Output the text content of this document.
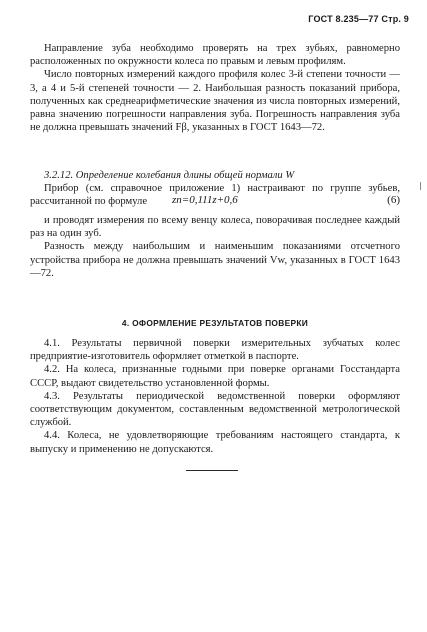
ГОСТ 8.235—77 Стр. 9

Направление зуба необходимо проверять на трех зубьях, равномерно расположенных по окружности колеса по правым и левым профилям.

Число повторных измерений каждого профиля колес 3-й степени точности — 3, а 4 и 5-й степеней точности — 2. Наибольшая разность показаний прибора, полученных как среднеарифметические значения из числа повторных измерений, равна значению погрешности направления зуба. Погрешность направления зуба не должна превышать значений Fβ, указанных в ГОСТ 1643—72.

3.2.12. Определение колебания длины общей нормали W

Прибор (см. справочное приложение 1) настраивают по группе зубьев, рассчитанной по формуле	zn=0,111z+0,6	(6)

и проводят измерения по всему венцу колеса, поворачивая последнее каждый раз на один зуб.

Разность между наибольшим и наименьшим показаниями отсчетного устройства прибора не должна превышать значений Vw, указанных в ГОСТ 1643—72.

4. ОФОРМЛЕНИЕ РЕЗУЛЬТАТОВ ПОВЕРКИ

4.1. Результаты первичной поверки измерительных зубчатых колес предприятие-изготовитель оформляет отметкой в паспорте.

4.2. На колеса, признанные годными при поверке органами Госстандарта СССР, выдают свидетельство установленной формы.

4.3. Результаты периодической ведомственной поверки оформляют соответствующим документом, составленным ведомственной метрологической службой.

4.4. Колеса, не удовлетворяющие требованиям настоящего стандарта, к выпуску и применению не допускаются.
